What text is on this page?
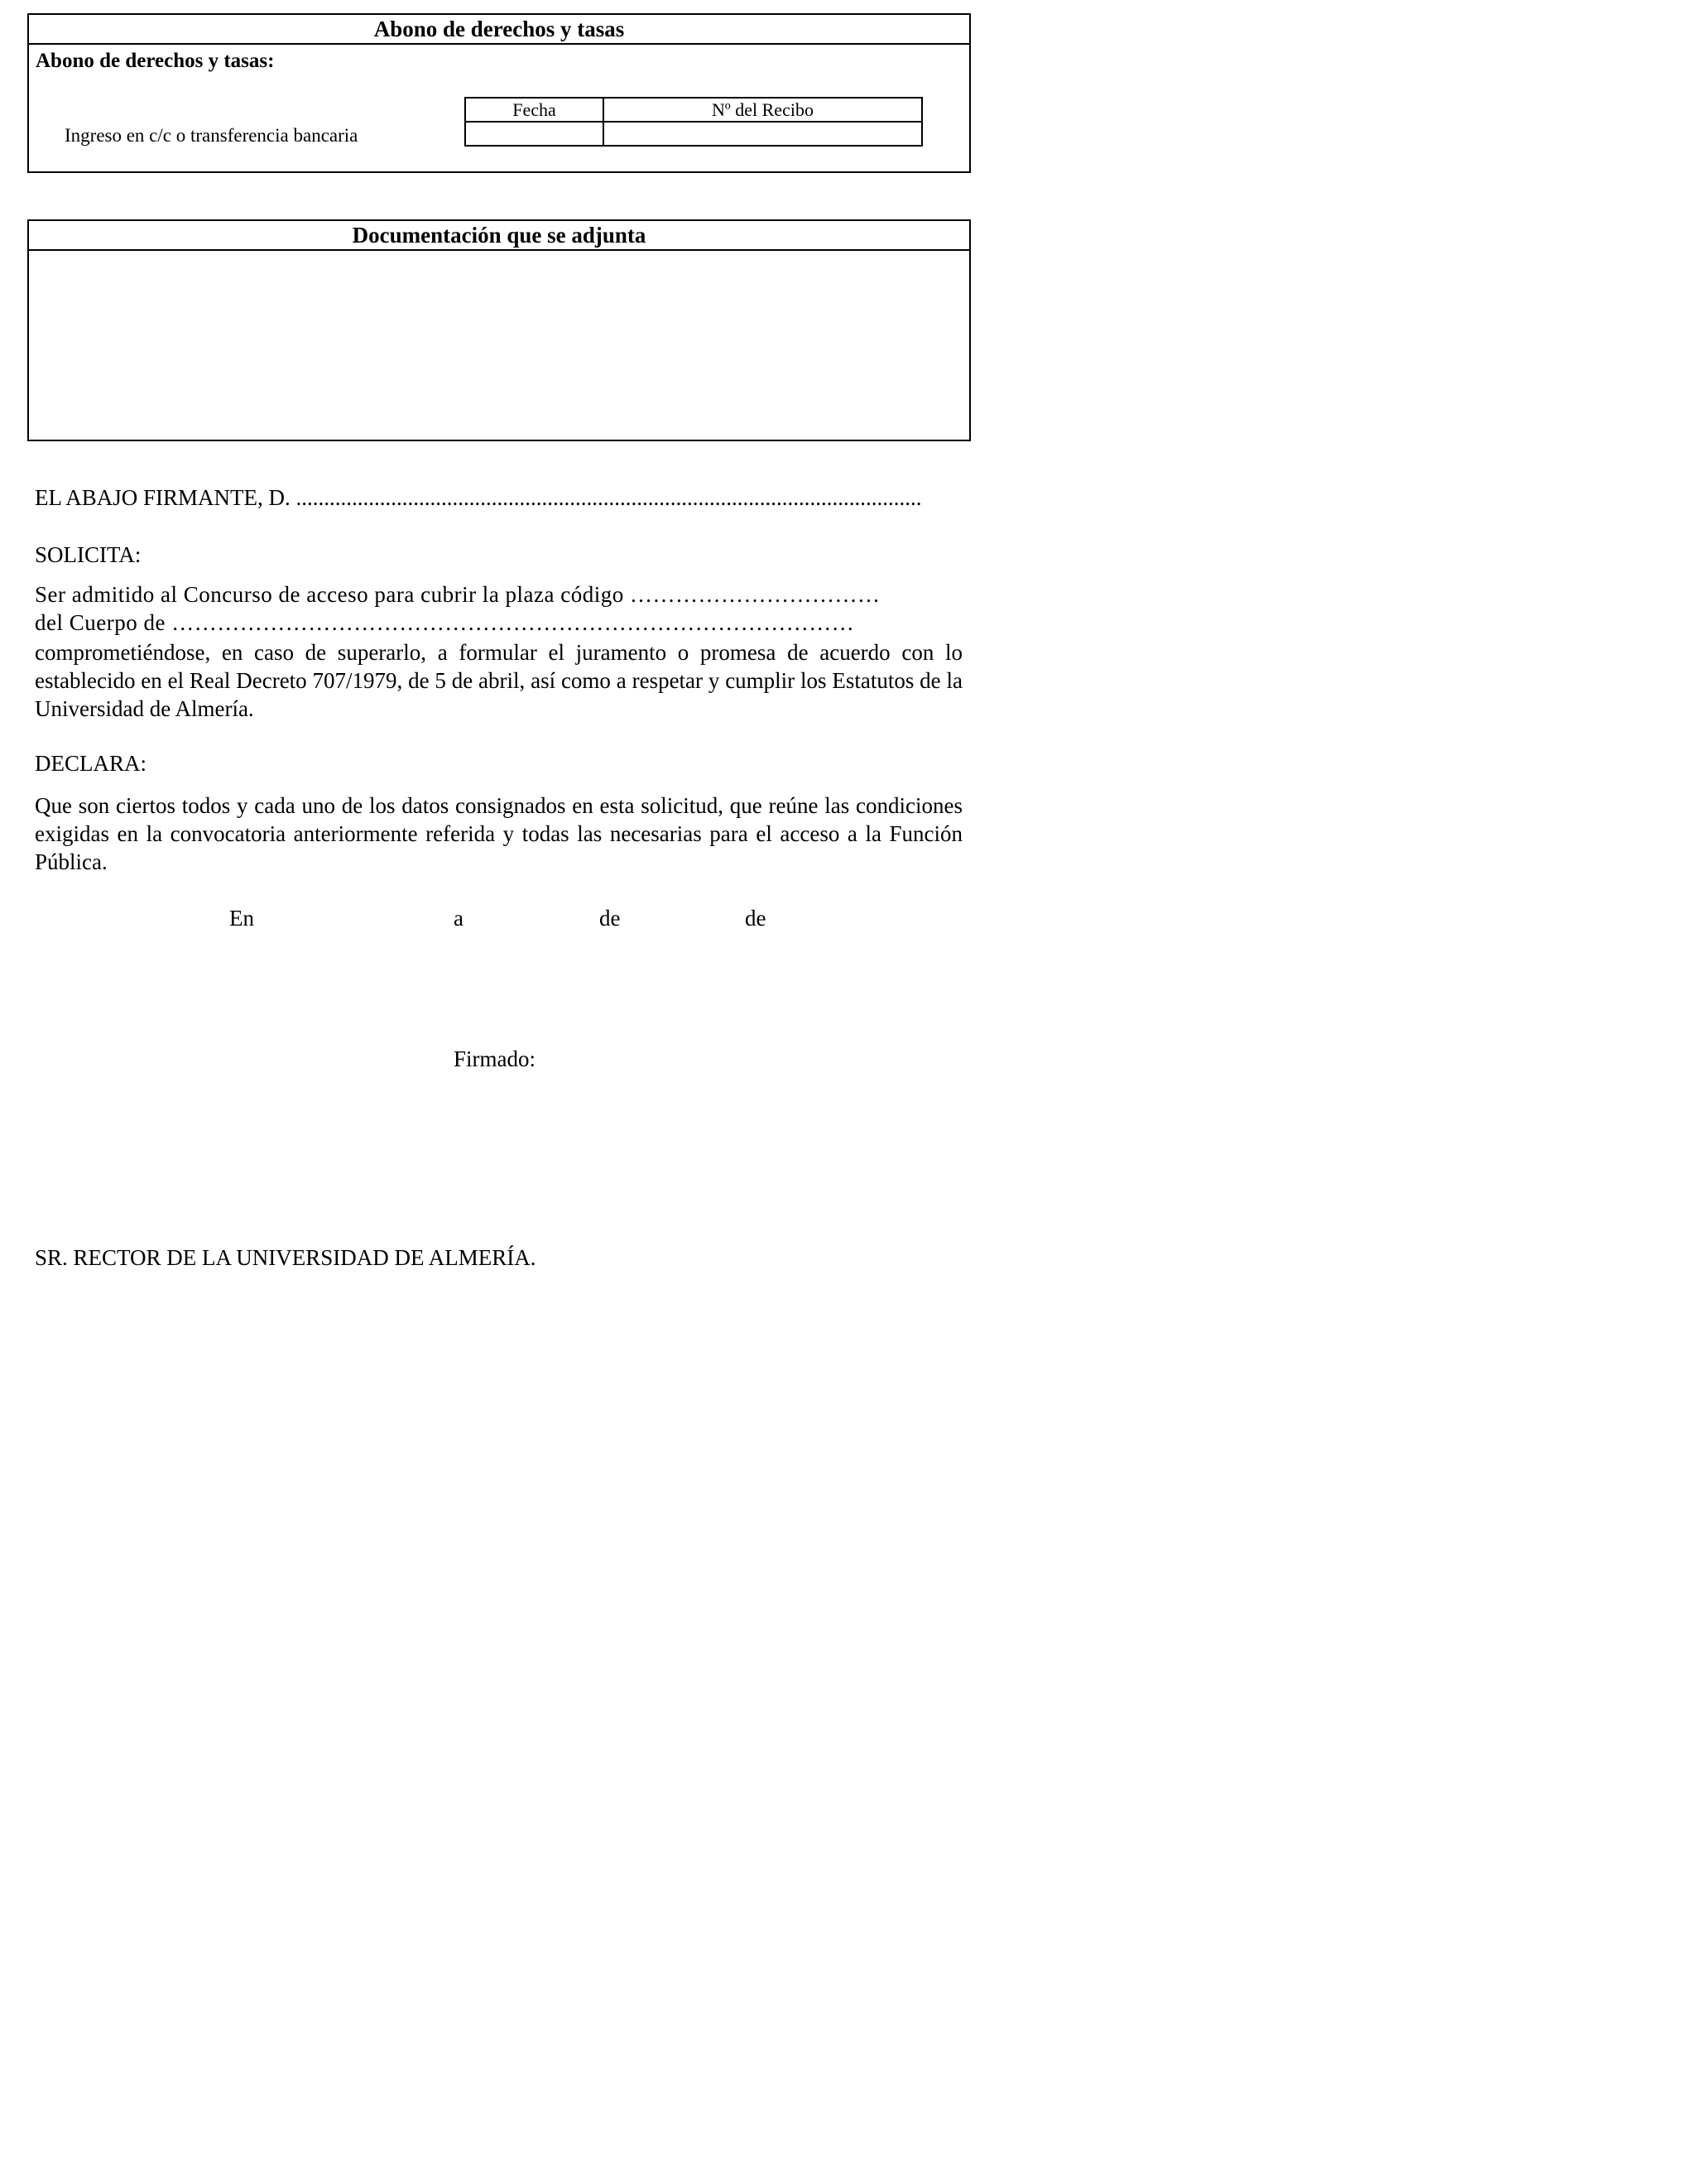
Abono de derechos y tasas
Abono de derechos y tasas:
Ingreso en c/c o transferencia bancaria
Fecha	Nº del Recibo

Documentación que se adjunta
EL ABAJO FIRMANTE, D. ................................................................................................................
SOLICITA:
Ser admitido al Concurso de acceso para cubrir la plaza código ……………………………
del Cuerpo de ………………………………………………………………………………
comprometiéndose, en caso de superarlo, a formular el juramento o promesa de acuerdo con lo establecido en el Real Decreto 707/1979, de 5 de abril, así como a respetar y cumplir los Estatutos de la Universidad de Almería.
DECLARA:
Que son ciertos todos y cada uno de los datos consignados en esta solicitud, que reúne las condiciones exigidas en la convocatoria anteriormente referida y todas las necesarias para el acceso a la Función Pública.
En	a	de	de
Firmado:
SR. RECTOR DE LA UNIVERSIDAD DE ALMERÍA.
